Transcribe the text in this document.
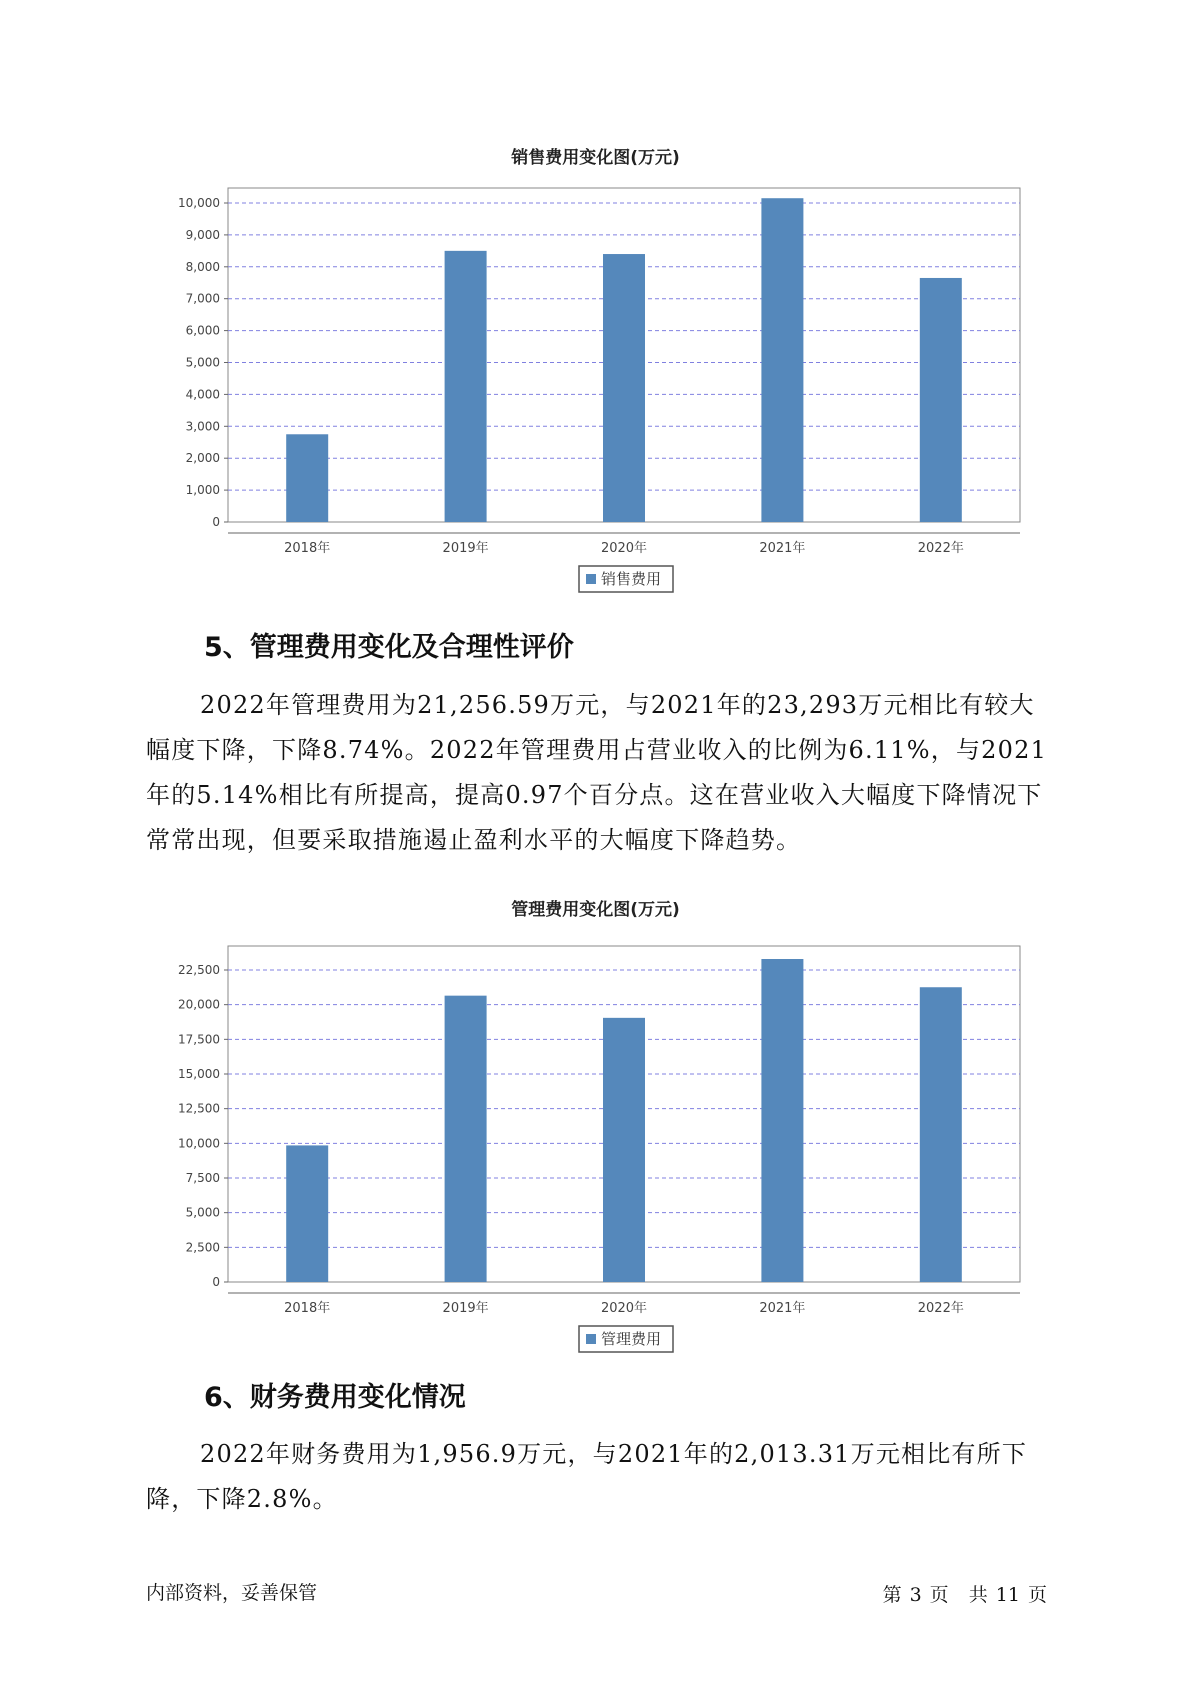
销售费用变化图(万元)
0
1,000
2,000
3,000
4,000
5,000
6,000
7,000
8,000
9,000
10,000
2018年	2019年	2020年	2021年	2022年
销售费用
5、管理费用变化及合理性评价

2022年管理费用为21,256.59万元，与2021年的23,293万元相比有较大幅度下降，下降8.74%。2022年管理费用占营业收入的比例为6.11%，与2021年的5.14%相比有所提高，提高0.97个百分点。这在营业收入大幅度下降情况下常常出现，但要采取措施遏止盈利水平的大幅度下降趋势。

管理费用变化图(万元)
0
2,500
5,000
7,500
10,000
12,500
15,000
17,500
20,000
22,500
2018年	2019年	2020年	2021年	2022年
管理费用
6、财务费用变化情况

2022年财务费用为1,956.9万元，与2021年的2,013.31万元相比有所下降，下降2.8%。

内部资料，妥善保管	第 3 页 共 11 页
